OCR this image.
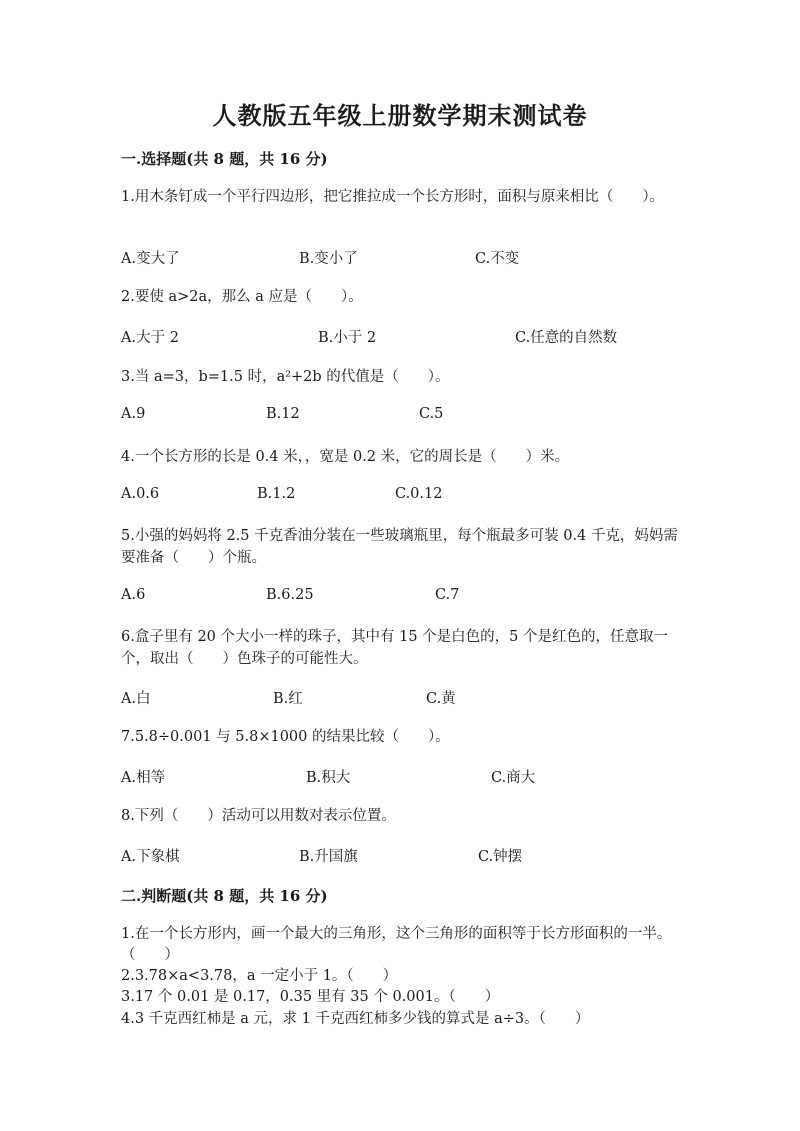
人教版五年级上册数学期末测试卷
一.选择题(共 8 题，共 16 分)
1.用木条钉成一个平行四边形，把它推拉成一个长方形时，面积与原来相比（　　）。
A.变大了	B.变小了	C.不变
2.要使 a>2a，那么 a 应是（　　）。
A.大于 2	B.小于 2	C.任意的自然数
3.当 a=3，b=1.5 时，a²+2b 的代值是（　　）。
A.9	B.12	C.5
4.一个长方形的长是 0.4 米，，宽是 0.2 米，它的周长是（　　）米。
A.0.6	B.1.2	C.0.12
5.小强的妈妈将 2.5 千克香油分装在一些玻璃瓶里，每个瓶最多可装 0.4 千克，妈妈需要准备（　　）个瓶。
A.6	B.6.25	C.7
6.盒子里有 20 个大小一样的珠子，其中有 15 个是白色的，5 个是红色的，任意取一个，取出（　　）色珠子的可能性大。
A.白	B.红	C.黄
7.5.8÷0.001 与 5.8×1000 的结果比较（　　）。
A.相等	B.积大	C.商大
8.下列（　　）活动可以用数对表示位置。
A.下象棋	B.升国旗	C.钟摆
二.判断题(共 8 题，共 16 分)
1.在一个长方形内，画一个最大的三角形，这个三角形的面积等于长方形面积的一半。（　　）
2.3.78×a<3.78，a 一定小于 1。（　　）
3.17 个 0.01 是 0.17，0.35 里有 35 个 0.001。（　　）
4.3 千克西红柿是 a 元，求 1 千克西红柿多少钱的算式是 a÷3。（　　）
